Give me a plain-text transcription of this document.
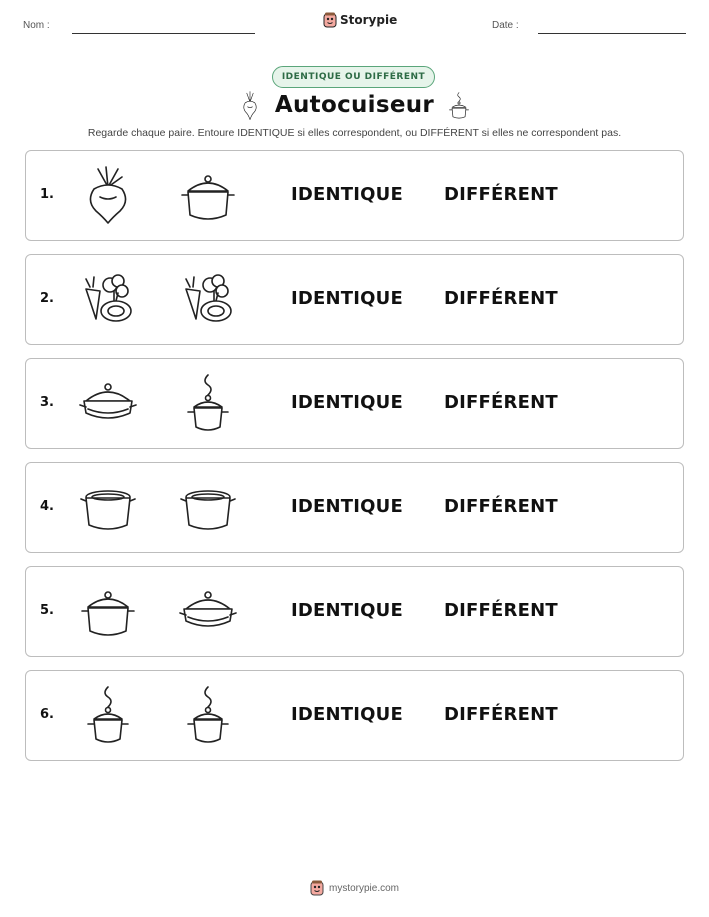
Nom :	Storypie	Date :
IDENTIQUE OU DIFFÉRENT
Autocuiseur
Regarde chaque paire. Entoure IDENTIQUE si elles correspondent, ou DIFFÉRENT si elles ne correspondent pas.
1.	IDENTIQUE DIFFÉRENT
2.	IDENTIQUE DIFFÉRENT
3.	IDENTIQUE DIFFÉRENT
4.	IDENTIQUE DIFFÉRENT
5.	IDENTIQUE DIFFÉRENT
6.	IDENTIQUE DIFFÉRENT
mystorypie.com
